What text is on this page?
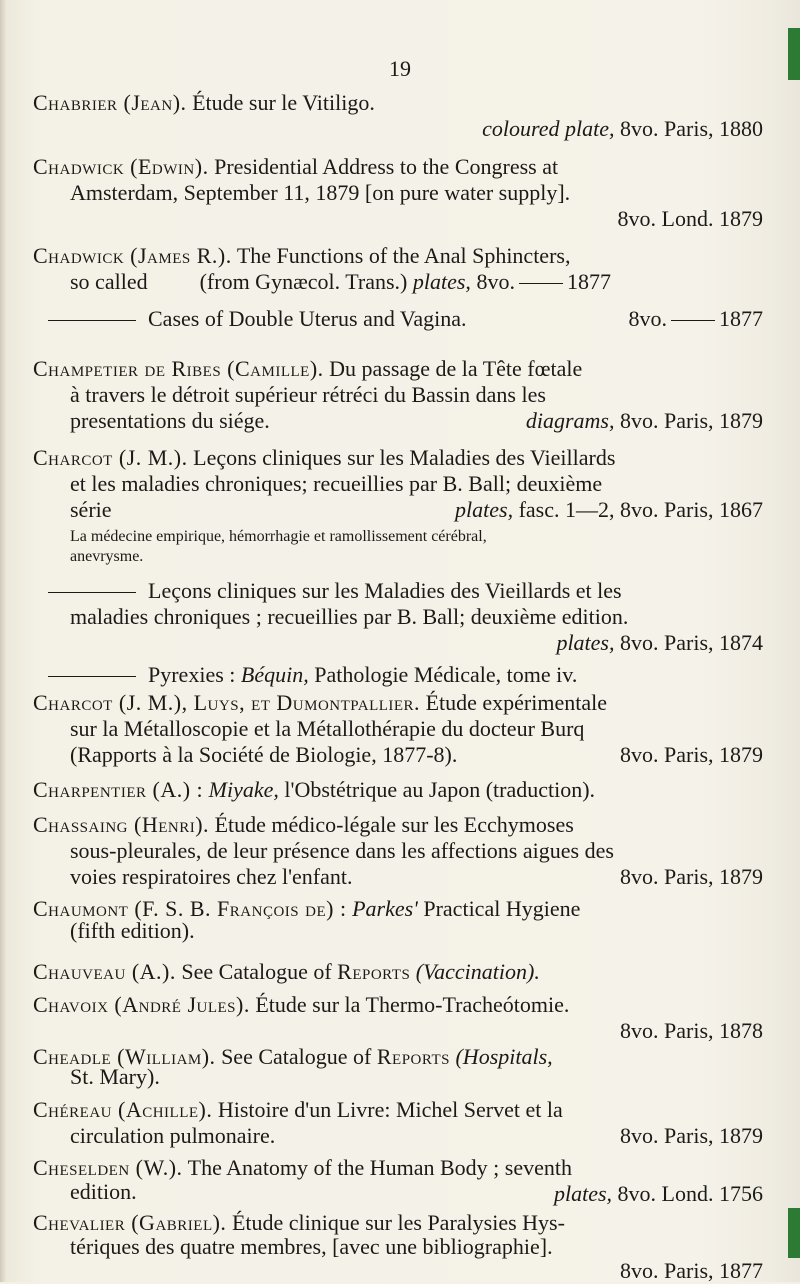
19
Chabrier (Jean). Étude sur le Vitiligo.
coloured plate, 8vo. Paris, 1880
Chadwick (Edwin). Presidential Address to the Congress at
Amsterdam, September 11, 1879 [on pure water supply].
8vo. Lond. 1879
Chadwick (James R.). The Functions of the Anal Sphincters,
so called (from Gynæcol. Trans.) plates, 8vo. 1877
Cases of Double Uterus and Vagina.	8vo. 1877
Champetier de Ribes (Camille). Du passage de la Tête fœtale
à travers le détroit supérieur rétréci du Bassin dans les
presentations du siége.	diagrams, 8vo. Paris, 1879
Charcot (J. M.). Leçons cliniques sur les Maladies des Vieillards
et les maladies chroniques; recueillies par B. Ball; deuxième
série	plates, fasc. 1—2, 8vo. Paris, 1867
La médecine empirique, hémorrhagie et ramollissement cérébral,
anevrysme.
Leçons cliniques sur les Maladies des Vieillards et les
maladies chroniques ; recueillies par B. Ball; deuxième edition.
plates, 8vo. Paris, 1874
Pyrexies : Béquin, Pathologie Médicale, tome iv.
Charcot (J. M.), Luys, et Dumontpallier. Étude expérimentale
sur la Métalloscopie et la Métallothérapie du docteur Burq
(Rapports à la Société de Biologie, 1877-8).	8vo. Paris, 1879
Charpentier (A.) : Miyake, l'Obstétrique au Japon (traduction).
Chassaing (Henri). Étude médico-légale sur les Ecchymoses
sous-pleurales, de leur présence dans les affections aigues des
voies respiratoires chez l'enfant.	8vo. Paris, 1879
Chaumont (F. S. B. François de) : Parkes' Practical Hygiene
(fifth edition).
Chauveau (A.). See Catalogue of Reports (Vaccination).
Chavoix (André Jules). Étude sur la Thermo-Tracheótomie.
8vo. Paris, 1878
Cheadle (William). See Catalogue of Reports (Hospitals,
St. Mary).
Chéreau (Achille). Histoire d'un Livre: Michel Servet et la
circulation pulmonaire.	8vo. Paris, 1879
Cheselden (W.). The Anatomy of the Human Body ; seventh
edition.	plates, 8vo. Lond. 1756
Chevalier (Gabriel). Étude clinique sur les Paralysies Hys-
tériques des quatre membres, [avec une bibliographie].
8vo. Paris, 1877
